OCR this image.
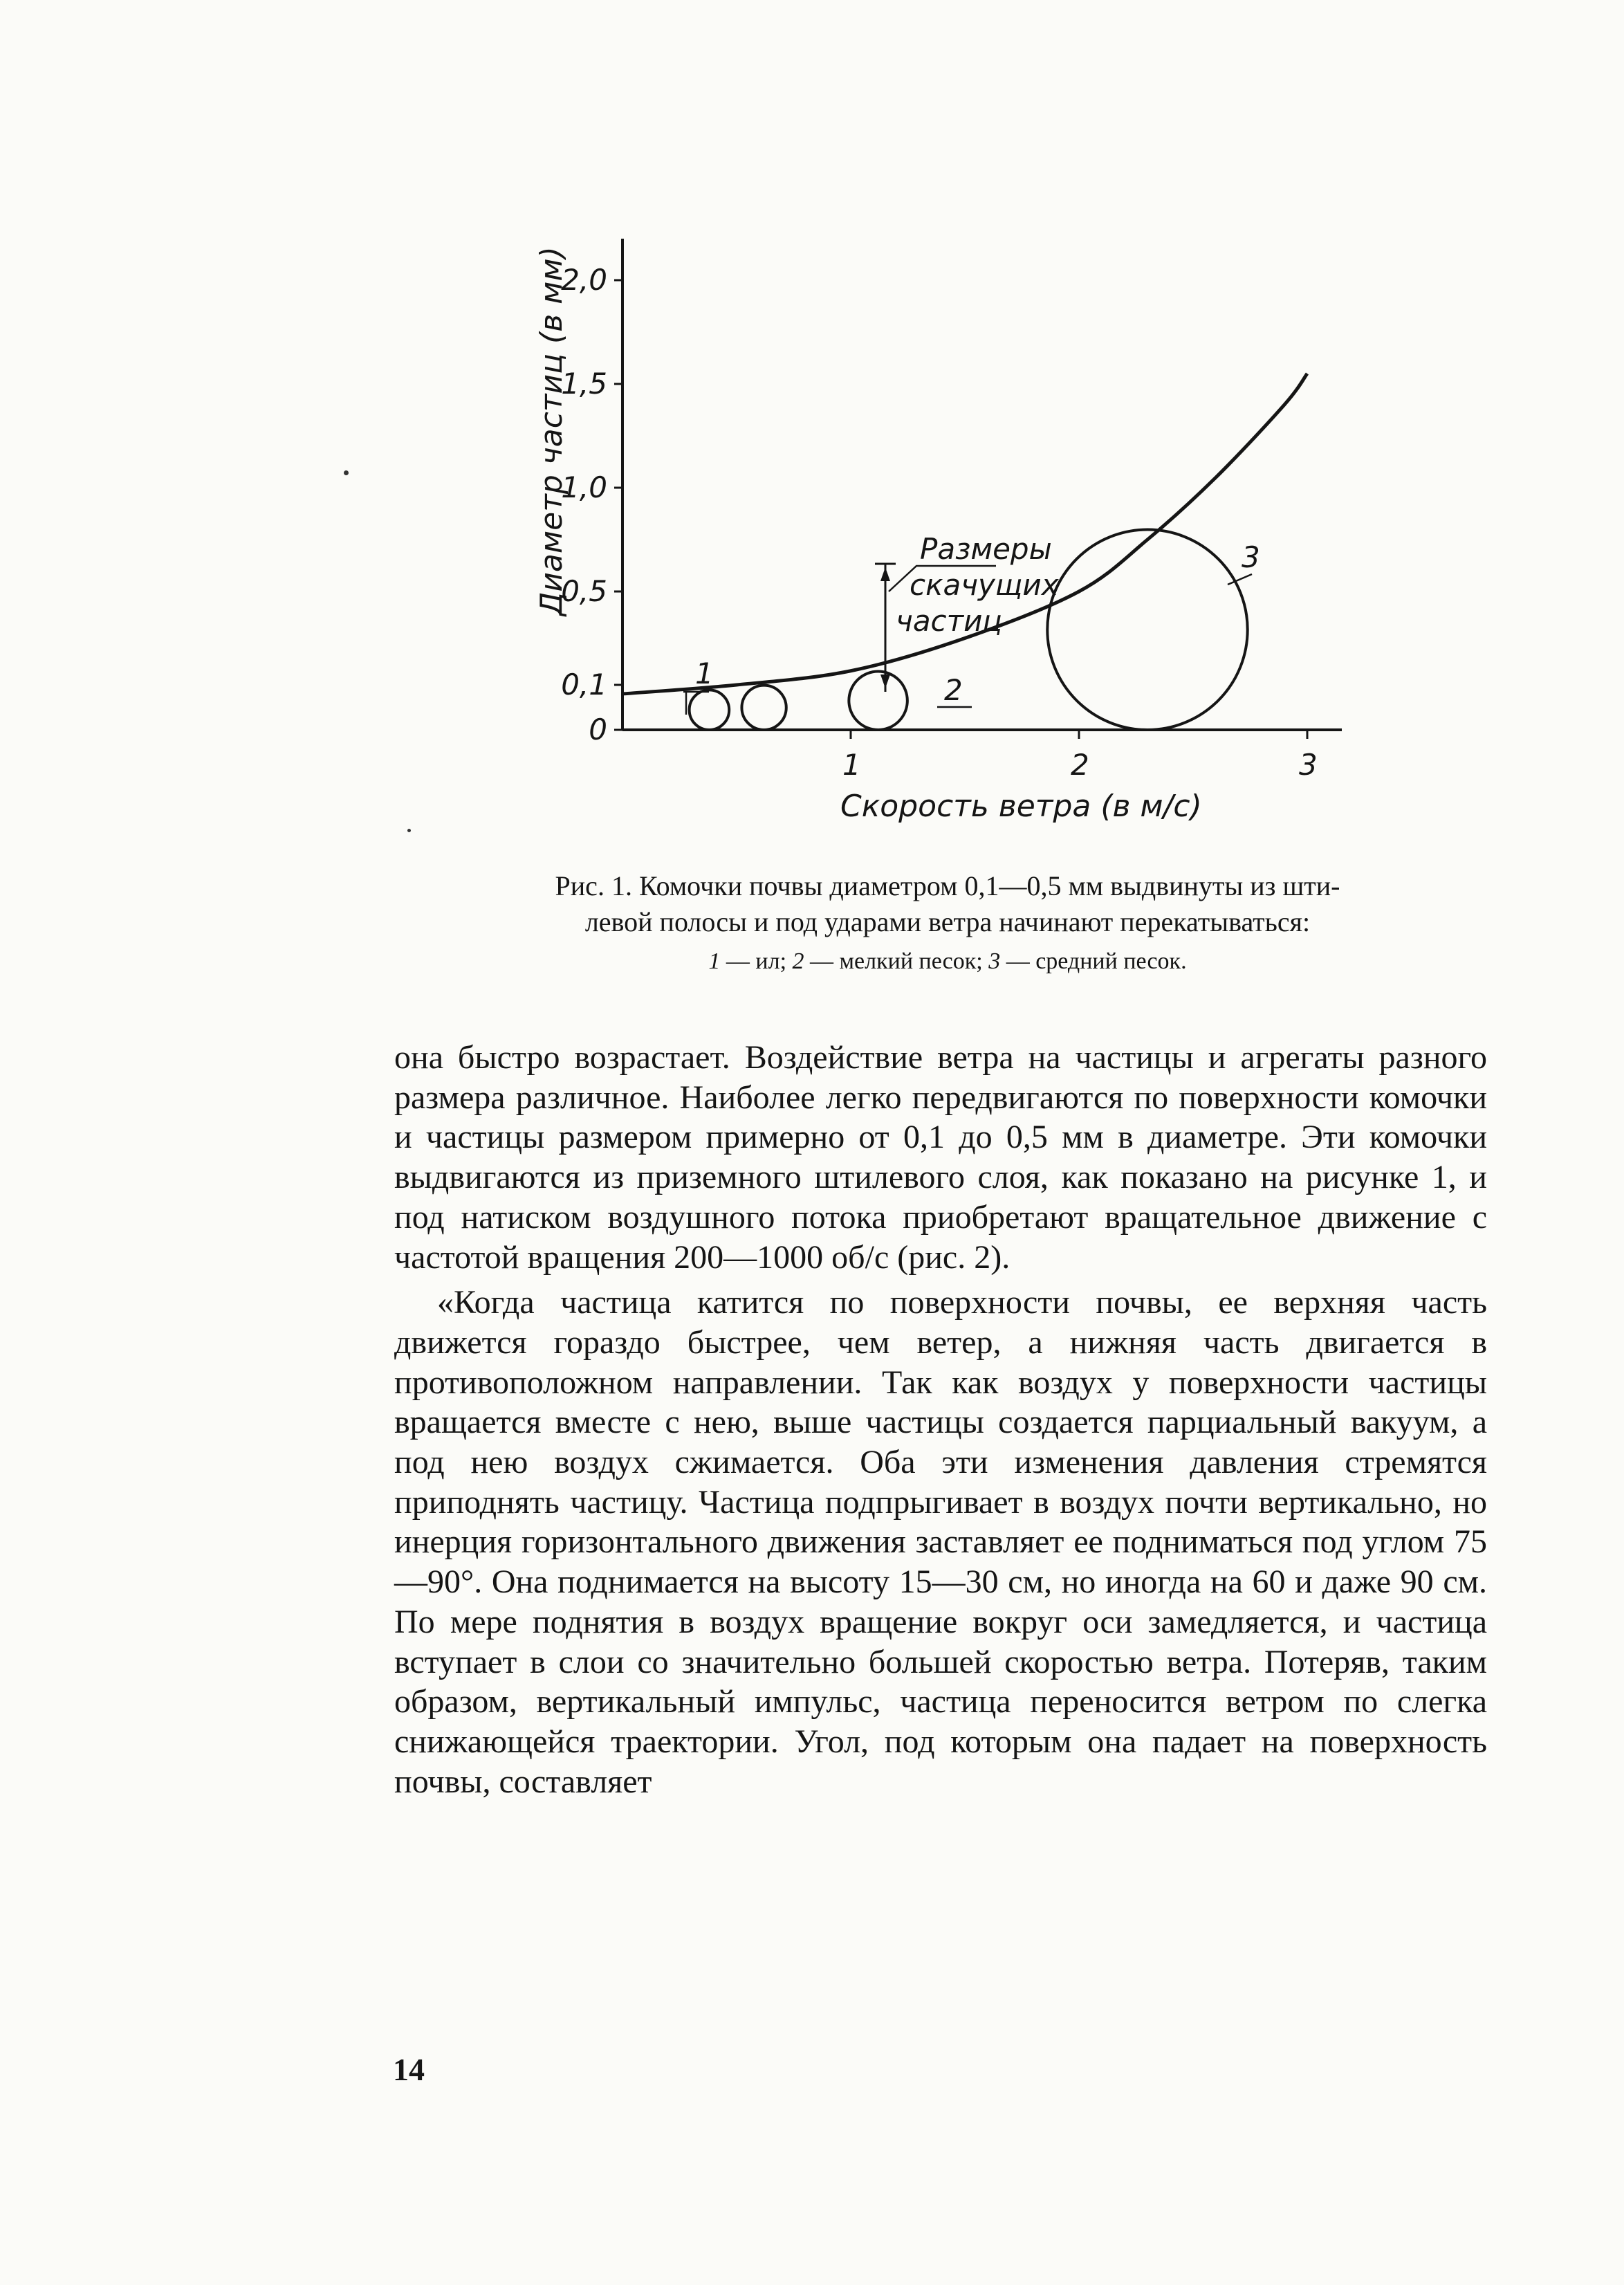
0
0,1
0,5
1,0
1,5
2,0
1	2	3
Размеры
скачущих
частиц
1	2
3
Диаметр частиц (в мм)
Скорость ветра (в м/с)
Рис. 1. Комочки почвы диаметром 0,1—0,5 мм выдвинуты из шти-
левой полосы и под ударами ветра начинают перекатываться:
1 — ил; 2 — мелкий песок; 3 — средний песок.

она быстро возрастает. Воздействие ветра на частицы и агрегаты разного размера различное. Наиболее легко передвигаются по поверхности комочки и частицы размером примерно от 0,1 до 0,5 мм в диаметре. Эти комочки выдвигаются из приземного штилевого слоя, как показано на рисунке 1, и под натиском воздушного потока приобретают вращательное движение с частотой вращения 200—1000 об/с (рис. 2).

«Когда частица катится по поверхности почвы, ее верхняя часть движется гораздо быстрее, чем ветер, а нижняя часть двигается в противоположном направлении. Так как воздух у поверхности частицы вращается вместе с нею, выше частицы создается парциальный вакуум, а под нею воздух сжимается. Оба эти изменения давления стремятся приподнять частицу. Частица подпрыгивает в воздух почти вертикально, но инерция горизонтального движения заставляет ее подниматься под углом 75—90°. Она поднимается на высоту 15—30 см, но иногда на 60 и даже 90 см. По мере поднятия в воздух вращение вокруг оси замедляется, и частица вступает в слои со значительно большей скоростью ветра. Потеряв, таким образом, вертикальный импульс, частица переносится ветром по слегка снижающейся траектории. Угол, под которым она падает на поверхность почвы, составляет

14
